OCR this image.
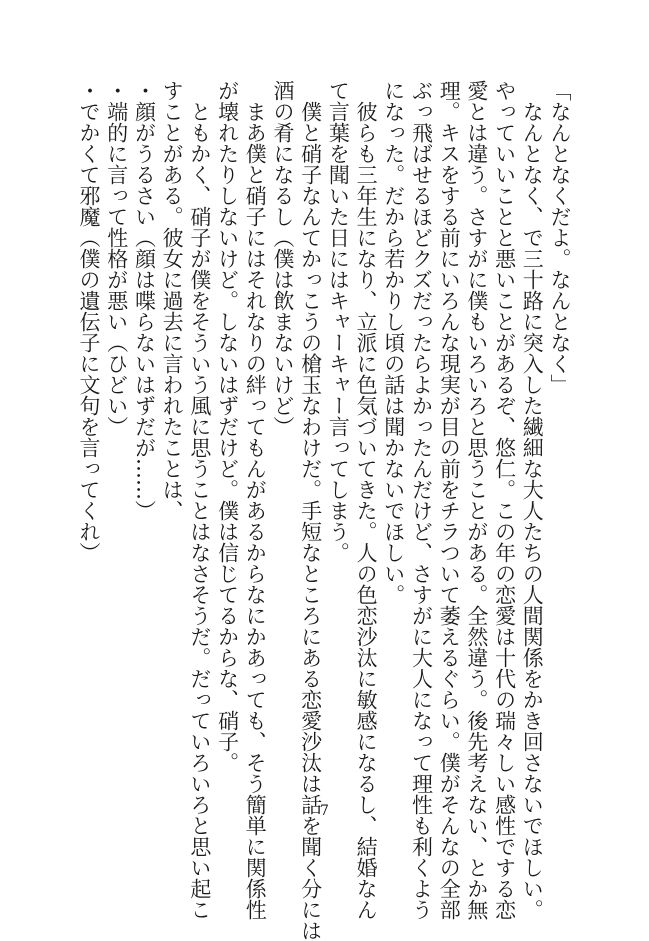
「なんとなくだよ。なんとなく」

　なんとなく、で三十路に突入した繊細な大人たちの人間関係をかき回さないでほしい。

やっていいことと悪いことがあるぞ、悠仁。この年の恋愛は十代の瑞々しい感性でする恋

愛とは違う。さすがに僕もいろいろと思うことがある。全然違う。後先考えない、とか無

理。キスをする前にいろんな現実が目の前をチラついて萎えるぐらい。僕がそんなの全部

ぶっ飛ばせるほどクズだったらよかったんだけど、さすがに大人になって理性も利くよう

になった。だから若かりし頃の話は聞かないでほしい。

　彼らも三年生になり、立派に色気づいてきた。人の色恋沙汰に敏感になるし、結婚なん

て言葉を聞いた日にはキャーキャー言ってしまう。

　僕と硝子なんてかっこうの槍玉なわけだ。手短なところにある恋愛沙汰は話を聞く分には

酒の肴になるし（僕は飲まないけど）

　まあ僕と硝子にはそれなりの絆ってもんがあるからなにかあっても、そう簡単に関係性

が壊れたりしないけど。しないはずだけど。僕は信じてるからな、硝子。

　ともかく、硝子が僕をそういう風に思うことはなさそうだ。だっていろいろと思い起こ

すことがある。彼女に過去に言われたことは、

・顔がうるさい（顔は喋らないはずだが……）

・端的に言って性格が悪い（ひどい）

・でかくて邪魔（僕の遺伝子に文句を言ってくれ）

7
